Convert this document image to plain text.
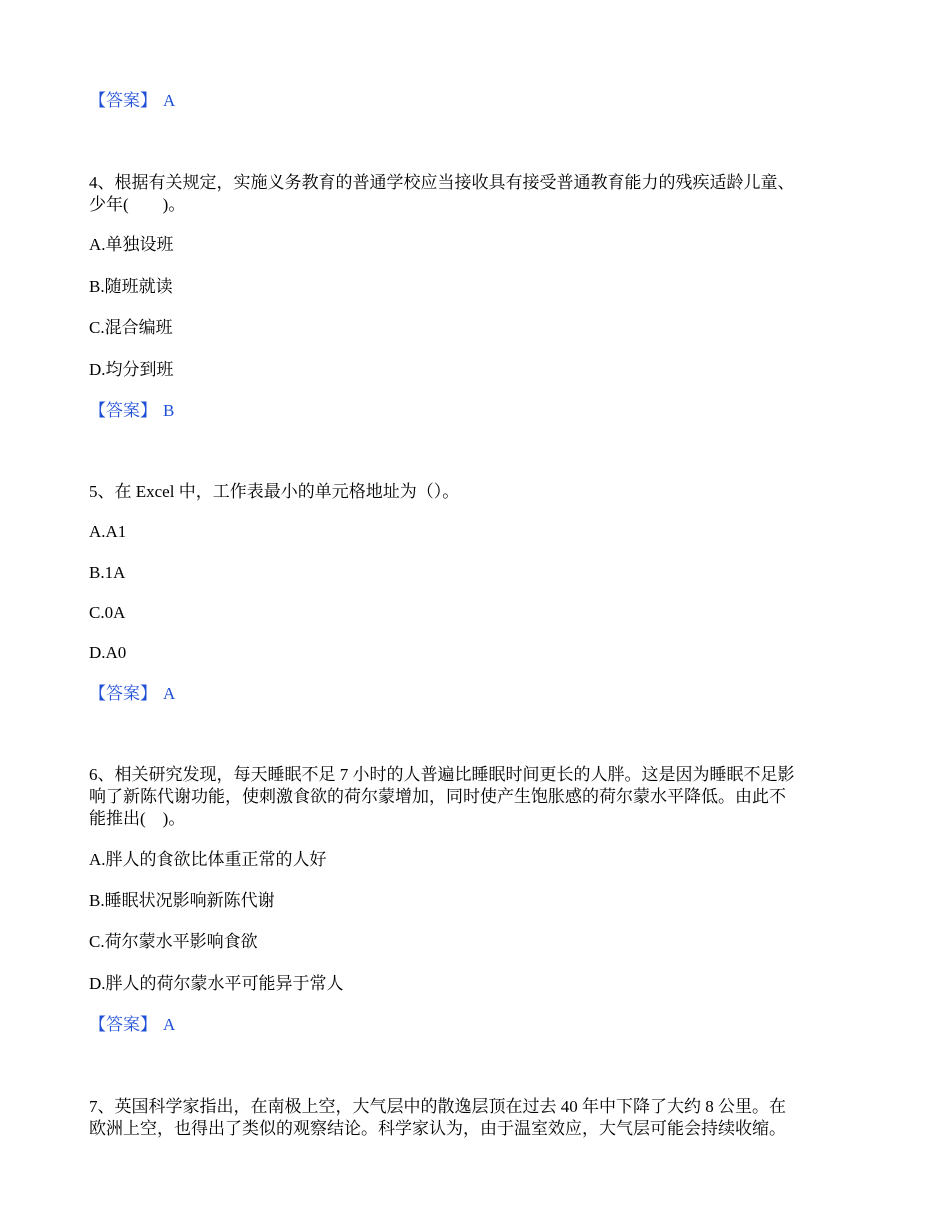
【答案】 A
4、根据有关规定，实施义务教育的普通学校应当接收具有接受普通教育能力的残疾适龄儿童、
少年(　　)。
A.单独设班
B.随班就读
C.混合编班
D.均分到班
【答案】 B
5、在 Excel 中，工作表最小的单元格地址为（）。
A.A1
B.1A
C.0A
D.A0
【答案】 A
6、相关研究发现，每天睡眠不足 7 小时的人普遍比睡眠时间更长的人胖。这是因为睡眠不足影
响了新陈代谢功能，使刺激食欲的荷尔蒙增加，同时使产生饱胀感的荷尔蒙水平降低。由此不
能推出(　)。
A.胖人的食欲比体重正常的人好
B.睡眠状况影响新陈代谢
C.荷尔蒙水平影响食欲
D.胖人的荷尔蒙水平可能异于常人
【答案】 A
7、英国科学家指出，在南极上空，大气层中的散逸层顶在过去 40 年中下降了大约 8 公里。在
欧洲上空，也得出了类似的观察结论。科学家认为，由于温室效应，大气层可能会持续收缩。
